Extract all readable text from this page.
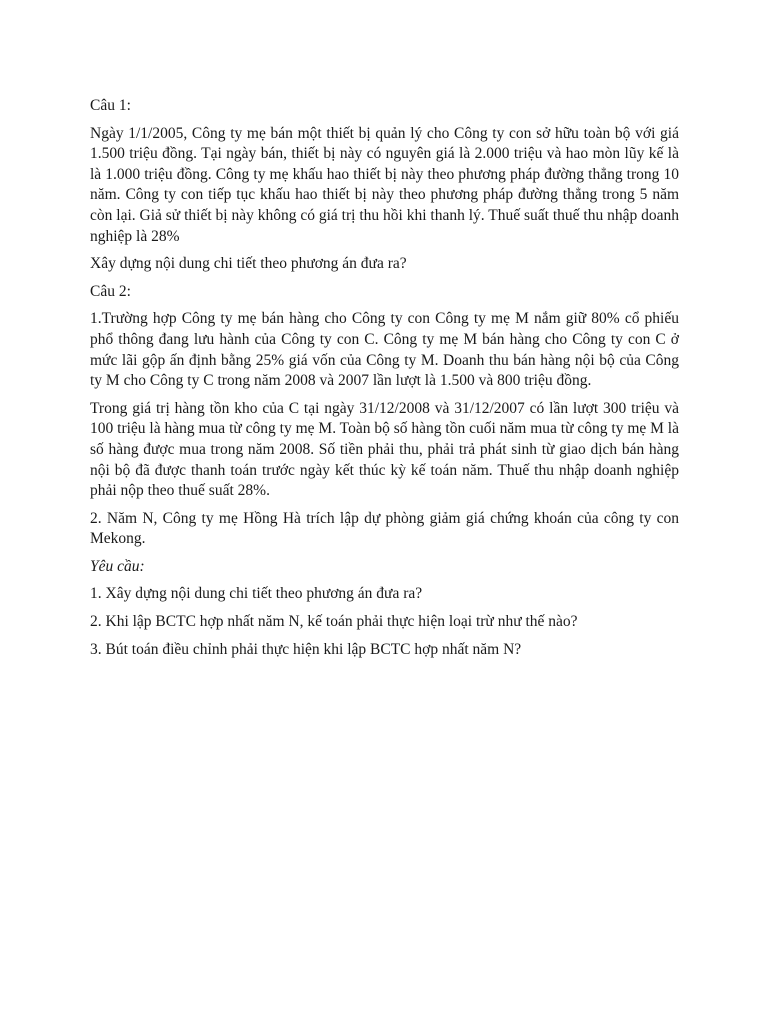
Câu 1:

Ngày 1/1/2005, Công ty mẹ bán một thiết bị quản lý cho Công ty con sở hữu toàn bộ với giá 1.500 triệu đồng. Tại ngày bán, thiết bị này có nguyên giá là 2.000 triệu và hao mòn lũy kế là là 1.000 triệu đồng. Công ty mẹ khấu hao thiết bị này theo phương pháp đường thẳng trong 10 năm. Công ty con tiếp tục khấu hao thiết bị này theo phương pháp đường thẳng trong 5 năm còn lại. Giả sử thiết bị này không có giá trị thu hồi khi thanh lý. Thuế suất thuế thu nhập doanh nghiệp là 28%

Xây dựng nội dung chi tiết theo phương án đưa ra?

Câu 2:

1.Trường hợp Công ty mẹ bán hàng cho Công ty con Công ty mẹ M nắm giữ 80% cổ phiếu phổ thông đang lưu hành của Công ty con C. Công ty mẹ M bán hàng cho Công ty con C ở mức lãi gộp ấn định bằng 25% giá vốn của Công ty M. Doanh thu bán hàng nội bộ của Công ty M cho Công ty C trong năm 2008 và 2007 lần lượt là 1.500 và 800 triệu đồng.

Trong giá trị hàng tồn kho của C tại ngày 31/12/2008 và 31/12/2007 có lần lượt 300 triệu và 100 triệu là hàng mua từ công ty mẹ M. Toàn bộ số hàng tồn cuối năm mua từ công ty mẹ M là số hàng được mua trong năm 2008. Số tiền phải thu, phải trả phát sinh từ giao dịch bán hàng nội bộ đã được thanh toán trước ngày kết thúc kỳ kế toán năm. Thuế thu nhập doanh nghiệp phải nộp theo thuế suất 28%.

2. Năm N, Công ty mẹ Hồng Hà trích lập dự phòng giảm giá chứng khoán của công ty con Mekong.

Yêu cầu:

1. Xây dựng nội dung chi tiết theo phương án đưa ra?

2. Khi lập BCTC hợp nhất năm N, kế toán phải thực hiện loại trừ như thế nào?

3. Bút toán điều chỉnh phải thực hiện khi lập BCTC hợp nhất năm N?
